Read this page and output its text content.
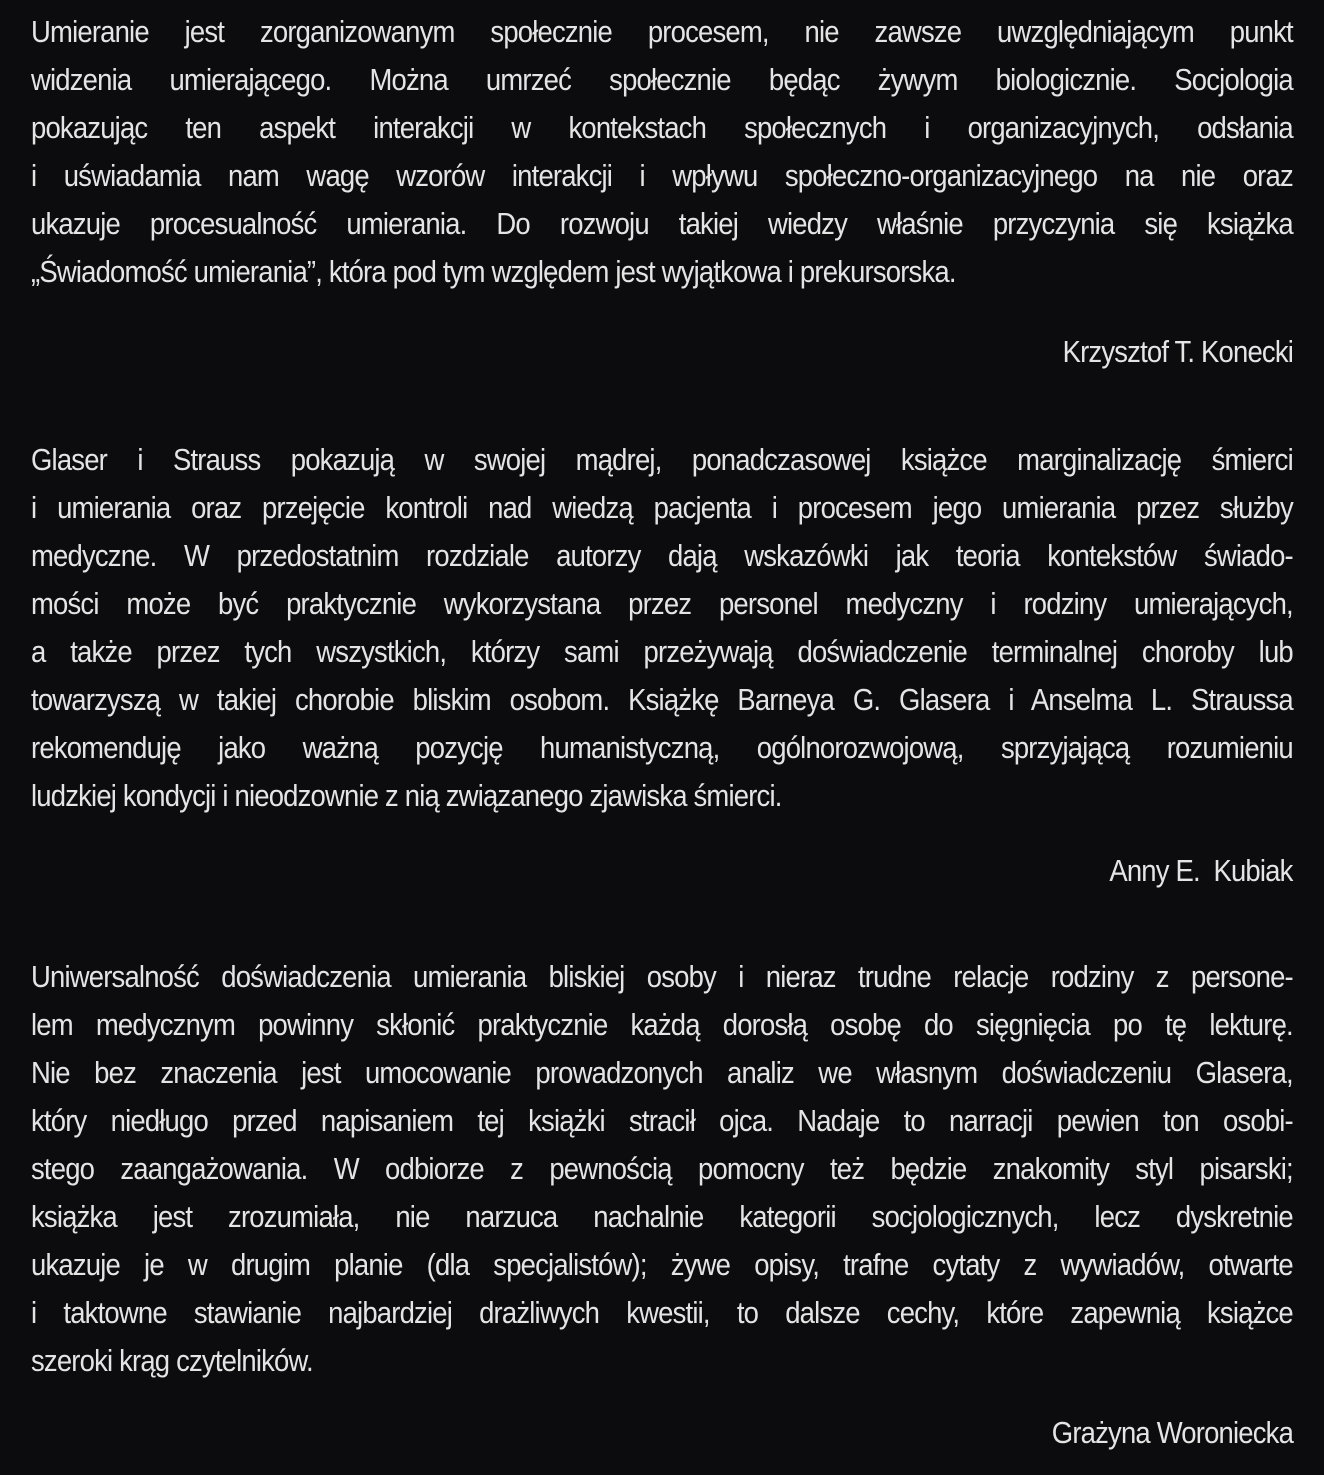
Umieranie jest zorganizowanym społecznie procesem, nie zawsze uwzględniającym punkt
widzenia umierającego. Można umrzeć społecznie będąc żywym biologicznie. Socjologia
pokazując ten aspekt interakcji w kontekstach społecznych i organizacyjnych, odsłania
i uświadamia nam wagę wzorów interakcji i wpływu społeczno-organizacyjnego na nie oraz
ukazuje procesualność umierania. Do rozwoju takiej wiedzy właśnie przyczynia się książka
„Świadomość umierania”, która pod tym względem jest wyjątkowa i prekursorska.
Krzysztof T. Konecki
Glaser i Strauss pokazują w swojej mądrej, ponadczasowej książce marginalizację śmierci
i umierania oraz przejęcie kontroli nad wiedzą pacjenta i procesem jego umierania przez służby
medyczne. W przedostatnim rozdziale autorzy dają wskazówki jak teoria kontekstów świado-
mości może być praktycznie wykorzystana przez personel medyczny i rodziny umierających,
a także przez tych wszystkich, którzy sami przeżywają doświadczenie terminalnej choroby lub
towarzyszą w takiej chorobie bliskim osobom. Książkę Barneya G. Glasera i Anselma L. Straussa
rekomenduję jako ważną pozycję humanistyczną, ogólnorozwojową, sprzyjającą rozumieniu
ludzkiej kondycji i nieodzownie z nią związanego zjawiska śmierci.
Anny E.  Kubiak
Uniwersalność doświadczenia umierania bliskiej osoby i nieraz trudne relacje rodziny z persone-
lem medycznym powinny skłonić praktycznie każdą dorosłą osobę do sięgnięcia po tę lekturę.
Nie bez znaczenia jest umocowanie prowadzonych analiz we własnym doświadczeniu Glasera,
który niedługo przed napisaniem tej książki stracił ojca. Nadaje to narracji pewien ton osobi-
stego zaangażowania. W odbiorze z pewnością pomocny też będzie znakomity styl pisarski;
książka jest zrozumiała, nie narzuca nachalnie kategorii socjologicznych, lecz dyskretnie
ukazuje je w drugim planie (dla specjalistów); żywe opisy, trafne cytaty z wywiadów, otwarte
i taktowne stawianie najbardziej drażliwych kwestii, to dalsze cechy, które zapewnią książce
szeroki krąg czytelników.
Grażyna Woroniecka
